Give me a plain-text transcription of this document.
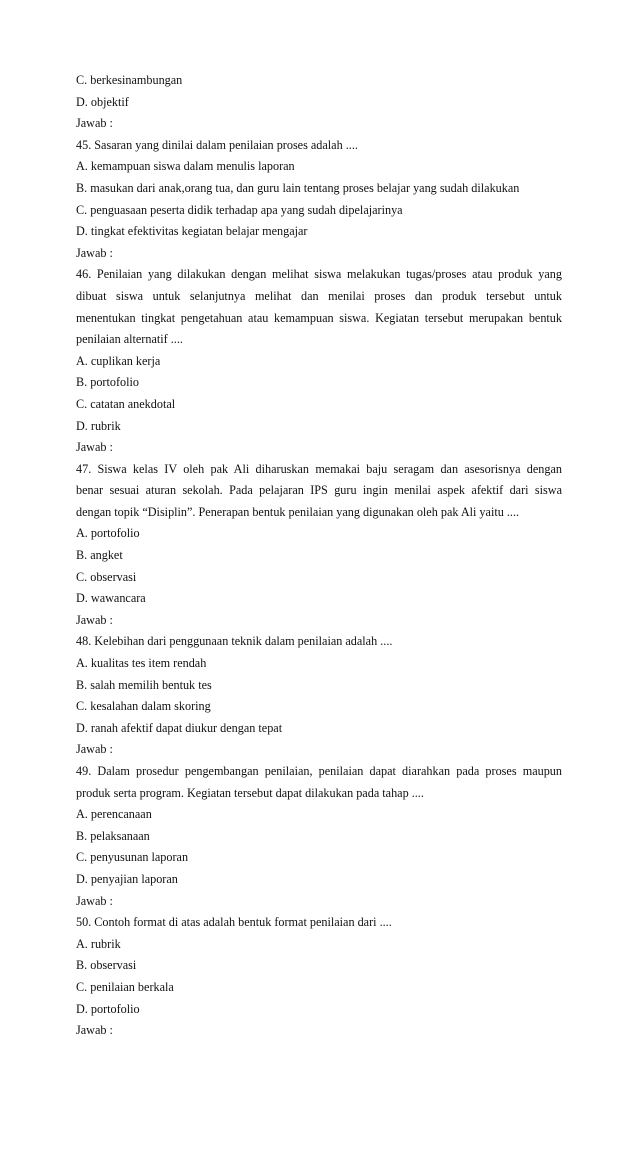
C. berkesinambungan

D. objektif

Jawab :

45. Sasaran yang dinilai dalam penilaian proses adalah ....

A. kemampuan siswa dalam menulis laporan

B. masukan dari anak,orang tua, dan guru lain tentang proses belajar yang sudah dilakukan

C. penguasaan peserta didik terhadap apa yang sudah dipelajarinya

D. tingkat efektivitas kegiatan belajar mengajar

Jawab :

46. Penilaian yang dilakukan dengan melihat siswa melakukan tugas/proses atau produk yang
dibuat siswa untuk selanjutnya melihat dan menilai proses dan produk tersebut untuk
menentukan tingkat pengetahuan atau kemampuan siswa. Kegiatan tersebut merupakan bentuk
penilaian alternatif ....

A. cuplikan kerja

B. portofolio

C. catatan anekdotal

D. rubrik

Jawab :

47. Siswa kelas IV oleh pak Ali diharuskan memakai baju seragam dan asesorisnya dengan
benar sesuai aturan sekolah. Pada pelajaran IPS guru ingin menilai aspek afektif dari siswa
dengan topik “Disiplin”. Penerapan bentuk penilaian yang digunakan oleh pak Ali yaitu ....

A. portofolio

B. angket

C. observasi

D. wawancara

Jawab :

48. Kelebihan dari penggunaan teknik dalam penilaian adalah ....

A. kualitas tes item rendah

B. salah memilih bentuk tes

C. kesalahan dalam skoring

D. ranah afektif dapat diukur dengan tepat

Jawab :

49. Dalam prosedur pengembangan penilaian, penilaian dapat diarahkan pada proses maupun
produk serta program. Kegiatan tersebut dapat dilakukan pada tahap ....

A. perencanaan

B. pelaksanaan

C. penyusunan laporan

D. penyajian laporan

Jawab :

50. Contoh format di atas adalah bentuk format penilaian dari ....

A. rubrik

B. observasi

C. penilaian berkala

D. portofolio

Jawab :
